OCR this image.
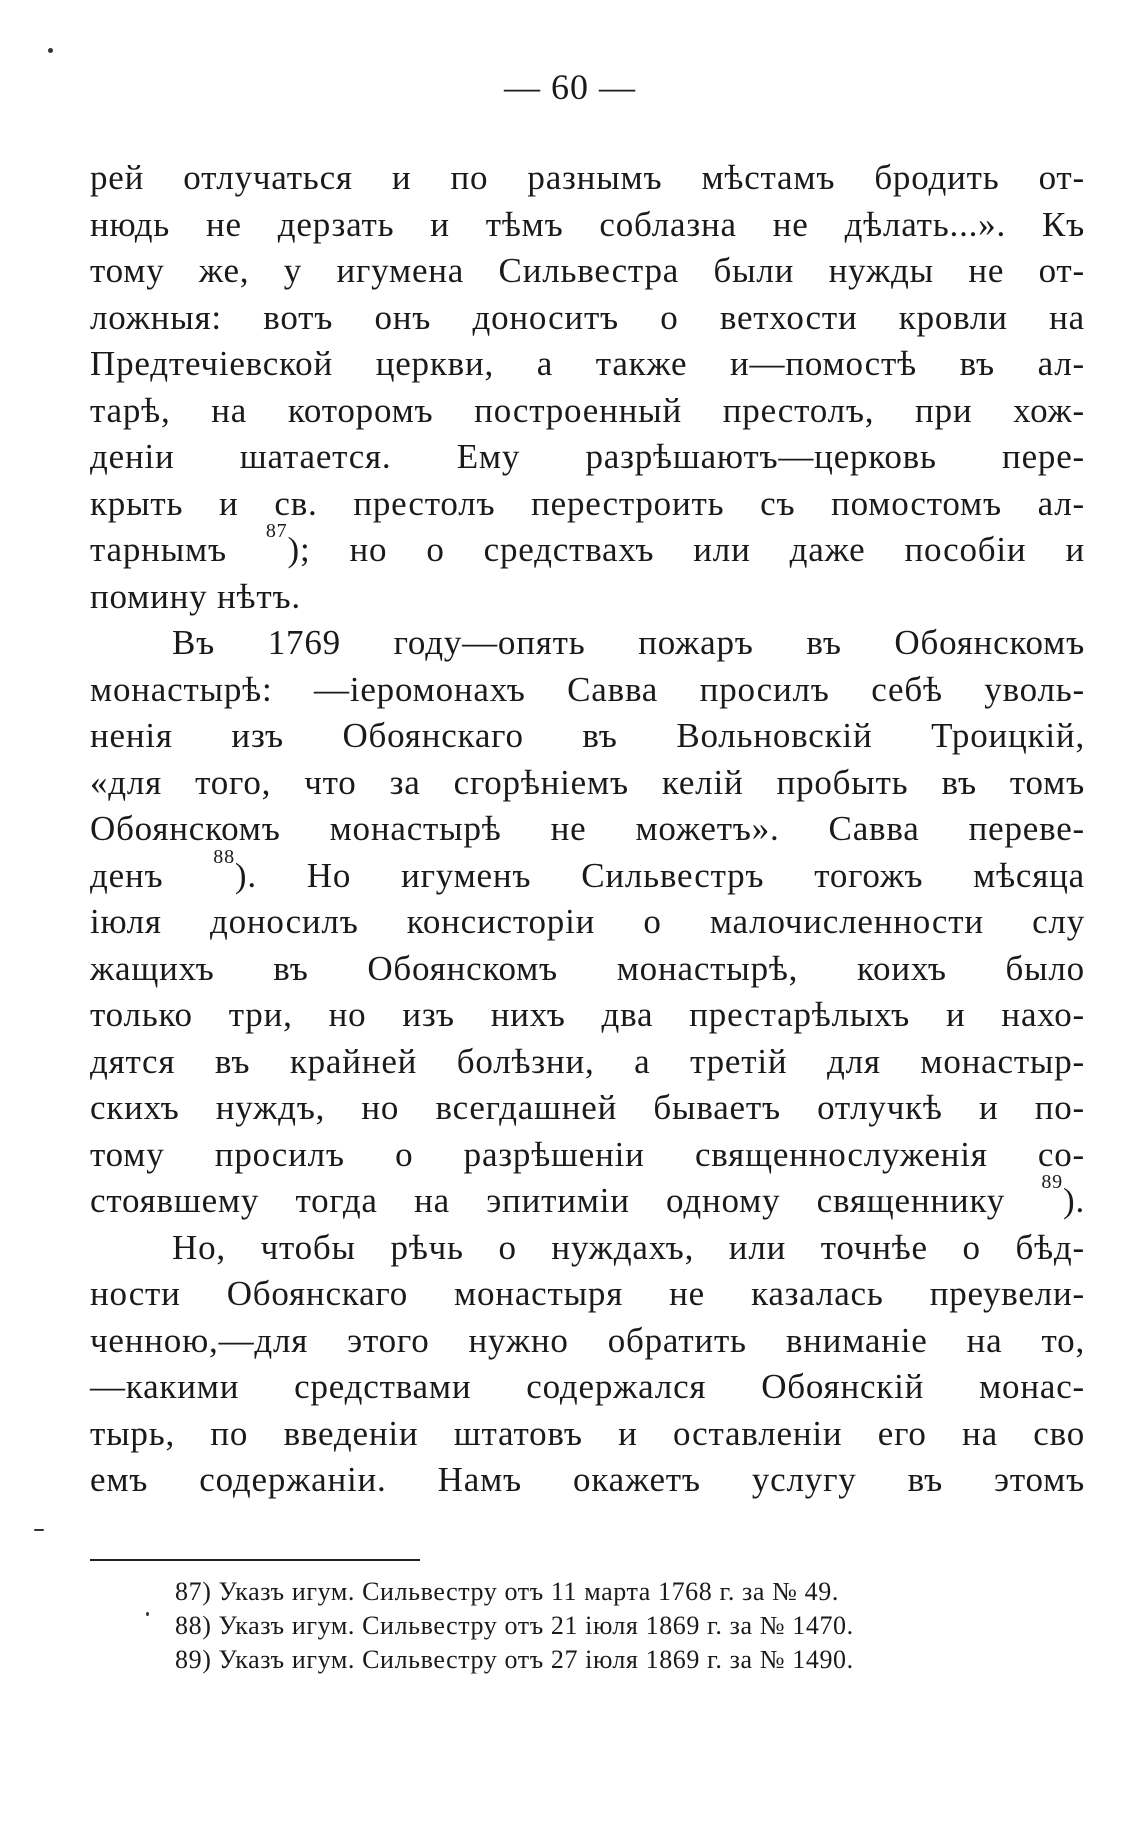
— 60 —
рей отлучаться и по разнымъ мѣстамъ бродить от-
нюдь не дерзать и тѣмъ соблазна не дѣлать...». Къ
тому же, у игумена Сильвестра были нужды не от-
ложныя: вотъ онъ доноситъ о ветхости кровли на
Предтечіевской церкви, а также и—помостѣ въ ал-
тарѣ, на которомъ построенный престолъ, при хож-
деніи шатается. Ему разрѣшаютъ—церковь пере-
крыть и св. престолъ перестроить съ помостомъ ал-
тарнымъ $^{87}$); но о средствахъ или даже пособіи и
помину нѣтъ.
Въ 1769 году—опять пожаръ въ Обоянскомъ
монастырѣ: —іеромонахъ Савва просилъ себѣ уволь-
ненія изъ Обоянскаго въ Вольновскій Троицкій,
«для того, что за сгорѣніемъ келій пробыть въ томъ
Обоянскомъ монастырѣ не можетъ». Савва переве-
денъ $^{88}$). Но игуменъ Сильвестръ тогожъ мѣсяца
іюля доносилъ консисторіи о малочисленности слу
жащихъ въ Обоянскомъ монастырѣ, коихъ было
только три, но изъ нихъ два престарѣлыхъ и нахо-
дятся въ крайней болѣзни, а третій для монастыр-
скихъ нуждъ, но всегдашней бываетъ отлучкѣ и по-
тому просилъ о разрѣшеніи священнослуженія со-
стоявшему тогда на эпитиміи одному священнику $^{89}$).
Но, чтобы рѣчь о нуждахъ, или точнѣе о бѣд-
ности Обоянскаго монастыря не казалась преувели-
ченною,—для этого нужно обратить вниманіе на то,
—какими средствами содержался Обоянскій монас-
тырь, по введеніи штатовъ и оставленіи его на сво
емъ содержаніи. Намъ окажетъ услугу въ этомъ
87) Указъ игум. Сильвестру отъ 11 марта 1768 г. за № 49.
88) Указъ игум. Сильвестру отъ 21 іюля 1869 г. за № 1470.
89) Указъ игум. Сильвестру отъ 27 іюля 1869 г. за № 1490.
